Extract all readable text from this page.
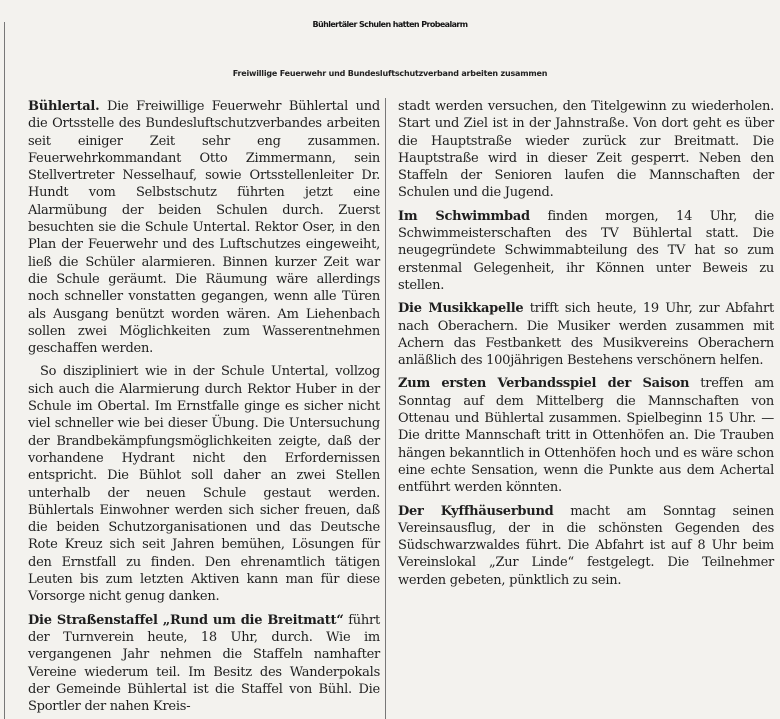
Bühlertäler Schulen hatten Probealarm
Freiwillige Feuerwehr und Bundesluftschutzverband arbeiten zusammen

Bühlertal. Die Freiwillige Feuerwehr Bühlertal und die Ortsstelle des Bundesluftschutzverbandes arbeiten seit einiger Zeit sehr eng zusammen. Feuerwehrkommandant Otto Zimmermann, sein Stellvertreter Nesselhauf, sowie Ortsstellenleiter Dr. Hundt vom Selbstschutz führten jetzt eine Alarmübung der beiden Schulen durch. Zuerst besuchten sie die Schule Untertal. Rektor Oser, in den Plan der Feuerwehr und des Luftschutzes eingeweiht, ließ die Schüler alarmieren. Binnen kurzer Zeit war die Schule geräumt. Die Räumung wäre allerdings noch schneller vonstatten gegangen, wenn alle Türen als Ausgang benützt worden wären. Am Liehenbach sollen zwei Möglichkeiten zum Wasserentnehmen geschaffen werden.

So diszipliniert wie in der Schule Untertal, vollzog sich auch die Alarmierung durch Rektor Huber in der Schule im Obertal. Im Ernstfalle ginge es sicher nicht viel schneller wie bei dieser Übung. Die Untersuchung der Brandbekämpfungsmöglichkeiten zeigte, daß der vorhandene Hydrant nicht den Erfordernissen entspricht. Die Bühlot soll daher an zwei Stellen unterhalb der neuen Schule gestaut werden. Bühlertals Einwohner werden sich sicher freuen, daß die beiden Schutzorganisationen und das Deutsche Rote Kreuz sich seit Jahren bemühen, Lösungen für den Ernstfall zu finden. Den ehrenamtlich tätigen Leuten bis zum letzten Aktiven kann man für diese Vorsorge nicht genug danken.

Die Straßenstaffel „Rund um die Breitmatt“ führt der Turnverein heute, 18 Uhr, durch. Wie im vergangenen Jahr nehmen die Staffeln namhafter Vereine wiederum teil. Im Besitz des Wanderpokals der Gemeinde Bühlertal ist die Staffel von Bühl. Die Sportler der nahen Kreis-

stadt werden versuchen, den Titelgewinn zu wiederholen. Start und Ziel ist in der Jahnstraße. Von dort geht es über die Hauptstraße wieder zurück zur Breitmatt. Die Hauptstraße wird in dieser Zeit gesperrt. Neben den Staffeln der Senioren laufen die Mannschaften der Schulen und die Jugend.

Im Schwimmbad finden morgen, 14 Uhr, die Schwimmeisterschaften des TV Bühlertal statt. Die neugegründete Schwimmabteilung des TV hat so zum erstenmal Gelegenheit, ihr Können unter Beweis zu stellen.

Die Musikkapelle trifft sich heute, 19 Uhr, zur Abfahrt nach Oberachern. Die Musiker werden zusammen mit Achern das Festbankett des Musikvereins Oberachern anläßlich des 100jährigen Bestehens verschönern helfen.

Zum ersten Verbandsspiel der Saison treffen am Sonntag auf dem Mittelberg die Mannschaften von Ottenau und Bühlertal zusammen. Spielbeginn 15 Uhr. — Die dritte Mannschaft tritt in Ottenhöfen an. Die Trauben hängen bekanntlich in Ottenhöfen hoch und es wäre schon eine echte Sensation, wenn die Punkte aus dem Achertal entführt werden könnten.

Der Kyffhäuserbund macht am Sonntag seinen Vereinsausflug, der in die schönsten Gegenden des Südschwarzwaldes führt. Die Abfahrt ist auf 8 Uhr beim Vereinslokal „Zur Linde“ festgelegt. Die Teilnehmer werden gebeten, pünktlich zu sein.
